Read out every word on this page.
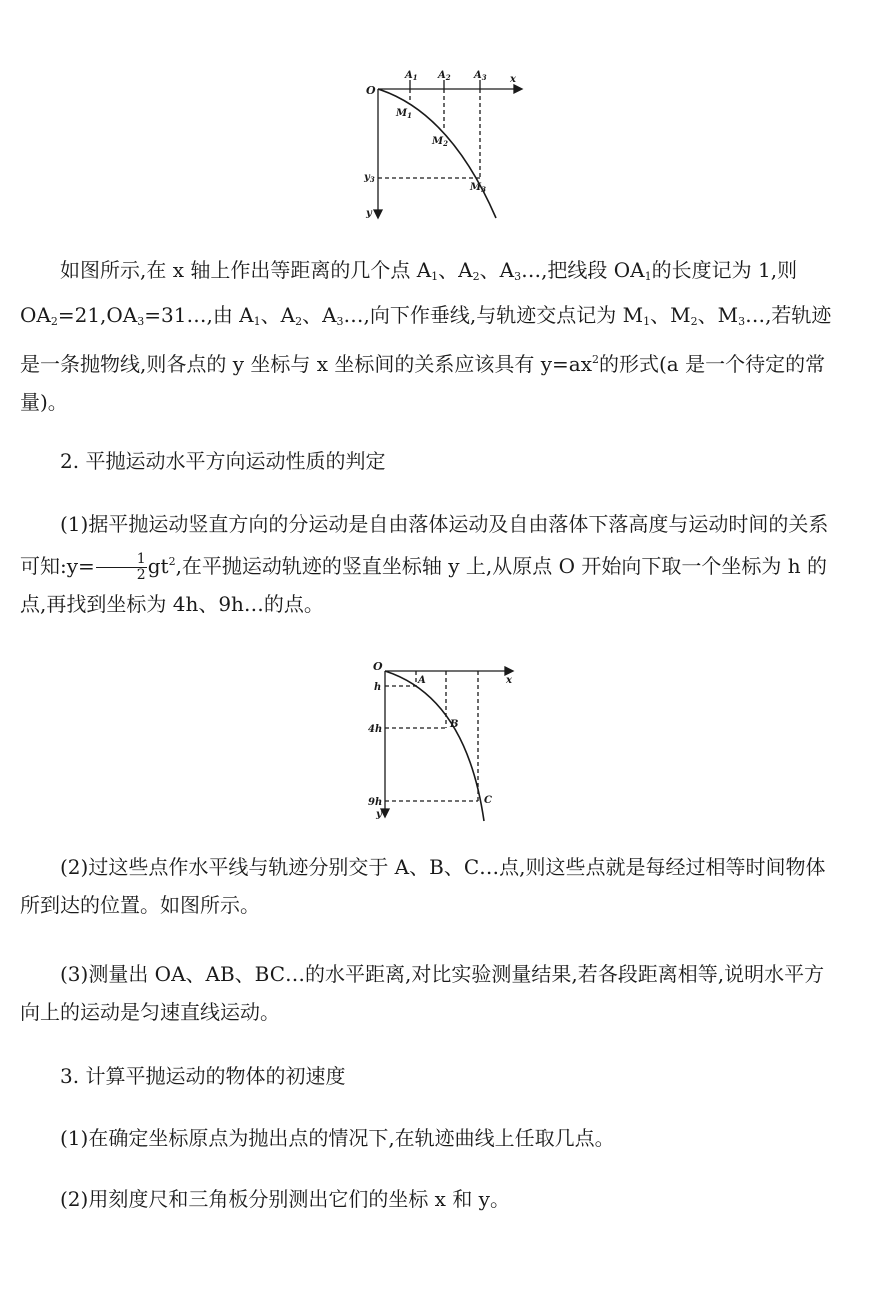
O
x
$A_1$ $A_2$ $A_3$
$M_1$
$M_2$
$M_3$
$y_3$
y

如图所示,在 x 轴上作出等距离的几个点 $A_1$、$A_2$、$A_3\dots$,把线段 $OA_1$的长度记为 1,则 $OA_2=21,OA_3=31\dots$,由 $A_1$、$A_2$、$A_3\dots$,向下作垂线,与轨迹交点记为 $M_1$、$M_2$、$M_3\dots$,若轨迹是一条抛物线,则各点的 y 坐标与 x 坐标间的关系应该具有 $y=ax^2$的形式(a 是一个待定的常量)。

2. 平抛运动水平方向运动性质的判定

(1)据平抛运动竖直方向的分运动是自由落体运动及自由落体下落高度与运动时间的关系可知:y= $\frac{1}{2} gt^2$,在平抛运动轨迹的竖直坐标轴 y 上,从原点 O 开始向下取一个坐标为 h 的点,再找到坐标为 4h、9h…的点。

O
x
h
4h
9h
y
A
B
C

(2)过这些点作水平线与轨迹分别交于 A、B、C…点,则这些点就是每经过相等时间物体所到达的位置。如图所示。

(3)测量出 OA、AB、BC…的水平距离,对比实验测量结果,若各段距离相等,说明水平方向上的运动是匀速直线运动。

3. 计算平抛运动的物体的初速度

(1)在确定坐标原点为抛出点的情况下,在轨迹曲线上任取几点。

(2)用刻度尺和三角板分别测出它们的坐标 x 和 y。
